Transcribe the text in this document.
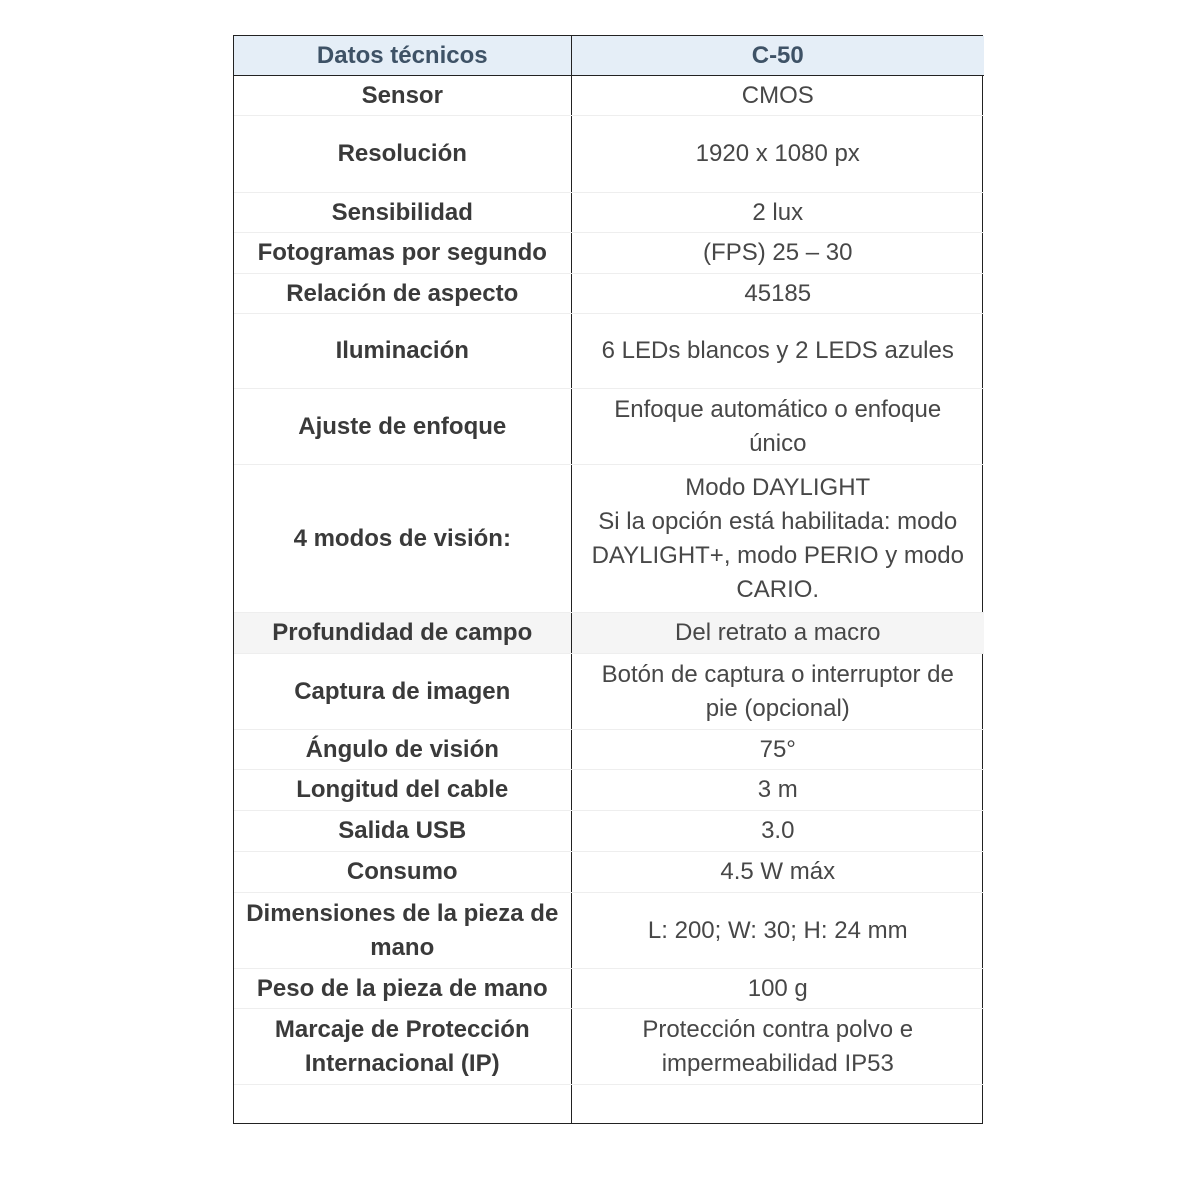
Datos técnicos	C-50
Sensor	CMOS

Resolución	1920 x 1080 px

Sensibilidad	2 lux

Fotogramas por segundo	(FPS) 25 – 30

Relación de aspecto	45185

Iluminación	6 LEDs blancos y 2 LEDS azules

Ajuste de enfoque	Enfoque automático o enfoque
único

4 modos de visión:	Modo DAYLIGHT
Si la opción está habilitada: modo
DAYLIGHT+, modo PERIO y modo
CARIO.

Profundidad de campo	Del retrato a macro

Captura de imagen	Botón de captura o interruptor de
pie (opcional)

Ángulo de visión	75°

Longitud del cable	3 m

Salida USB	3.0

Consumo	4.5 W máx

Dimensiones de la pieza de mano	L: 200; W: 30; H: 24 mm

Peso de la pieza de mano	100 g

Marcaje de Protección Internacional (IP)	Protección contra polvo e
impermeabilidad IP53
